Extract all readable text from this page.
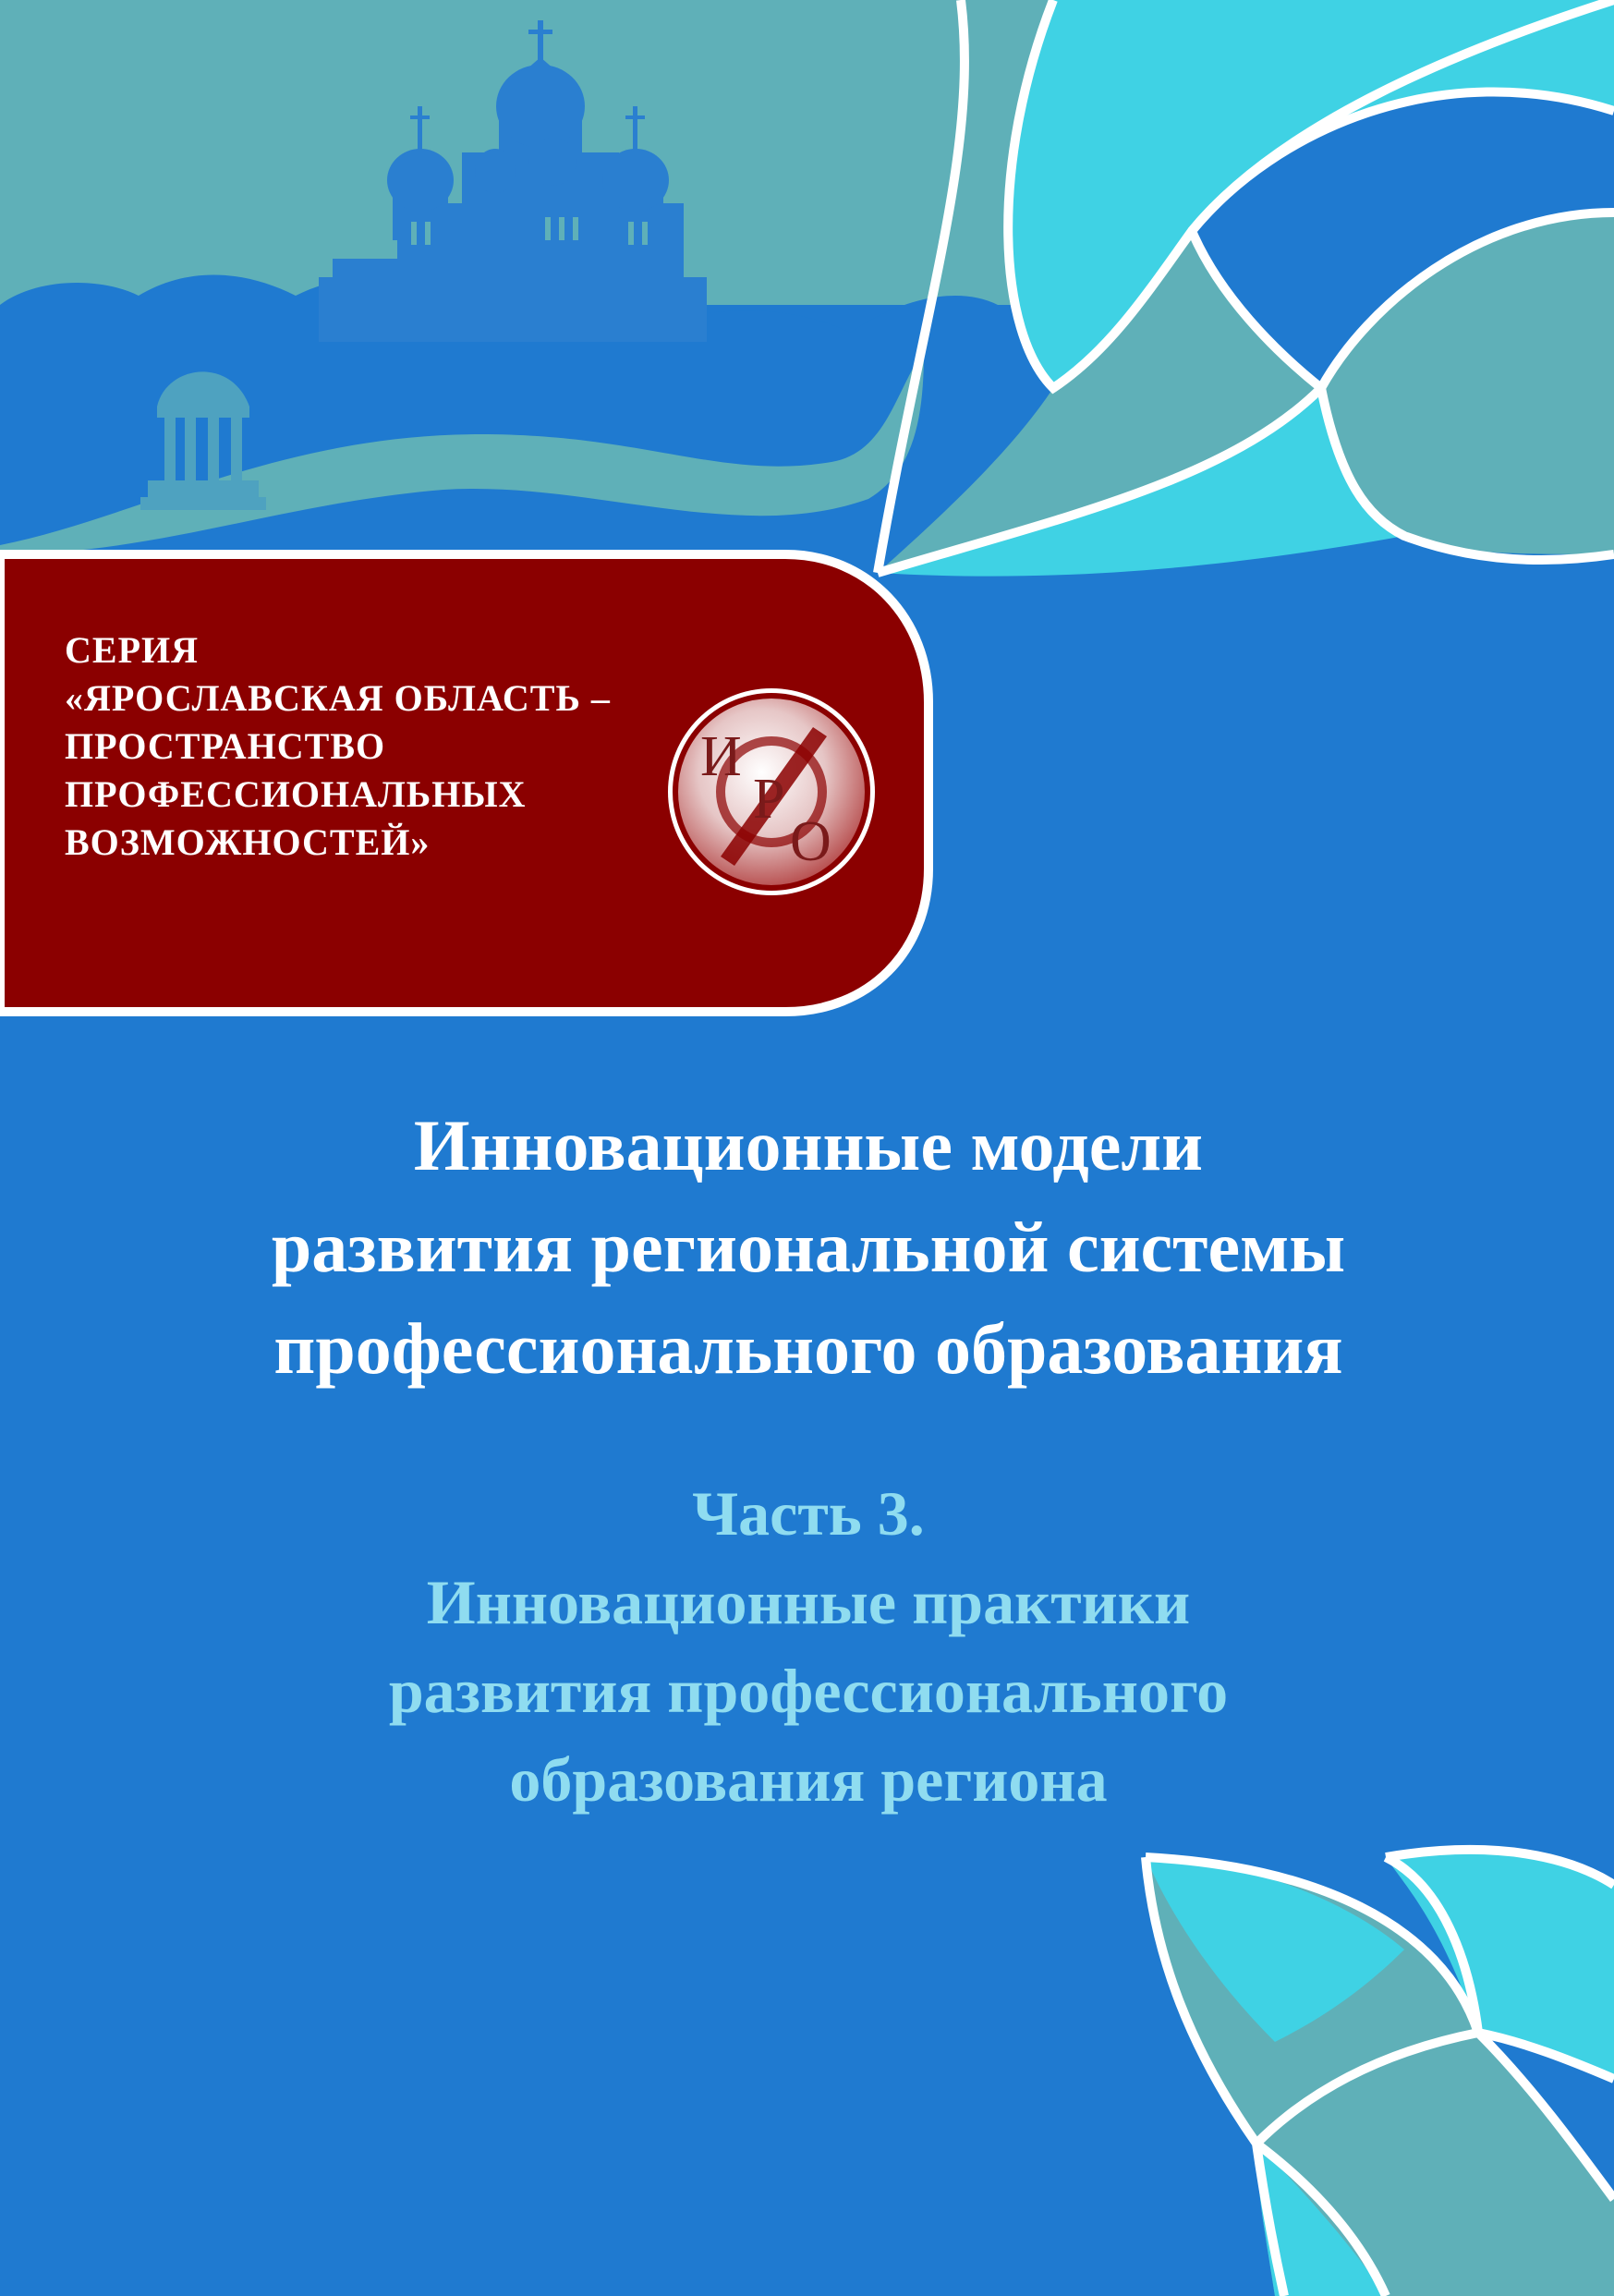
СЕРИЯ
«ЯРОСЛАВСКАЯ ОБЛАСТЬ –
ПРОСТРАНСТВО
ПРОФЕССИОНАЛЬНЫХ
ВОЗМОЖНОСТЕЙ»
И
Р
О
Инновационные модели
развития региональной системы
профессионального образования
Часть 3.
Инновационные практики
развития профессионального
образования региона
